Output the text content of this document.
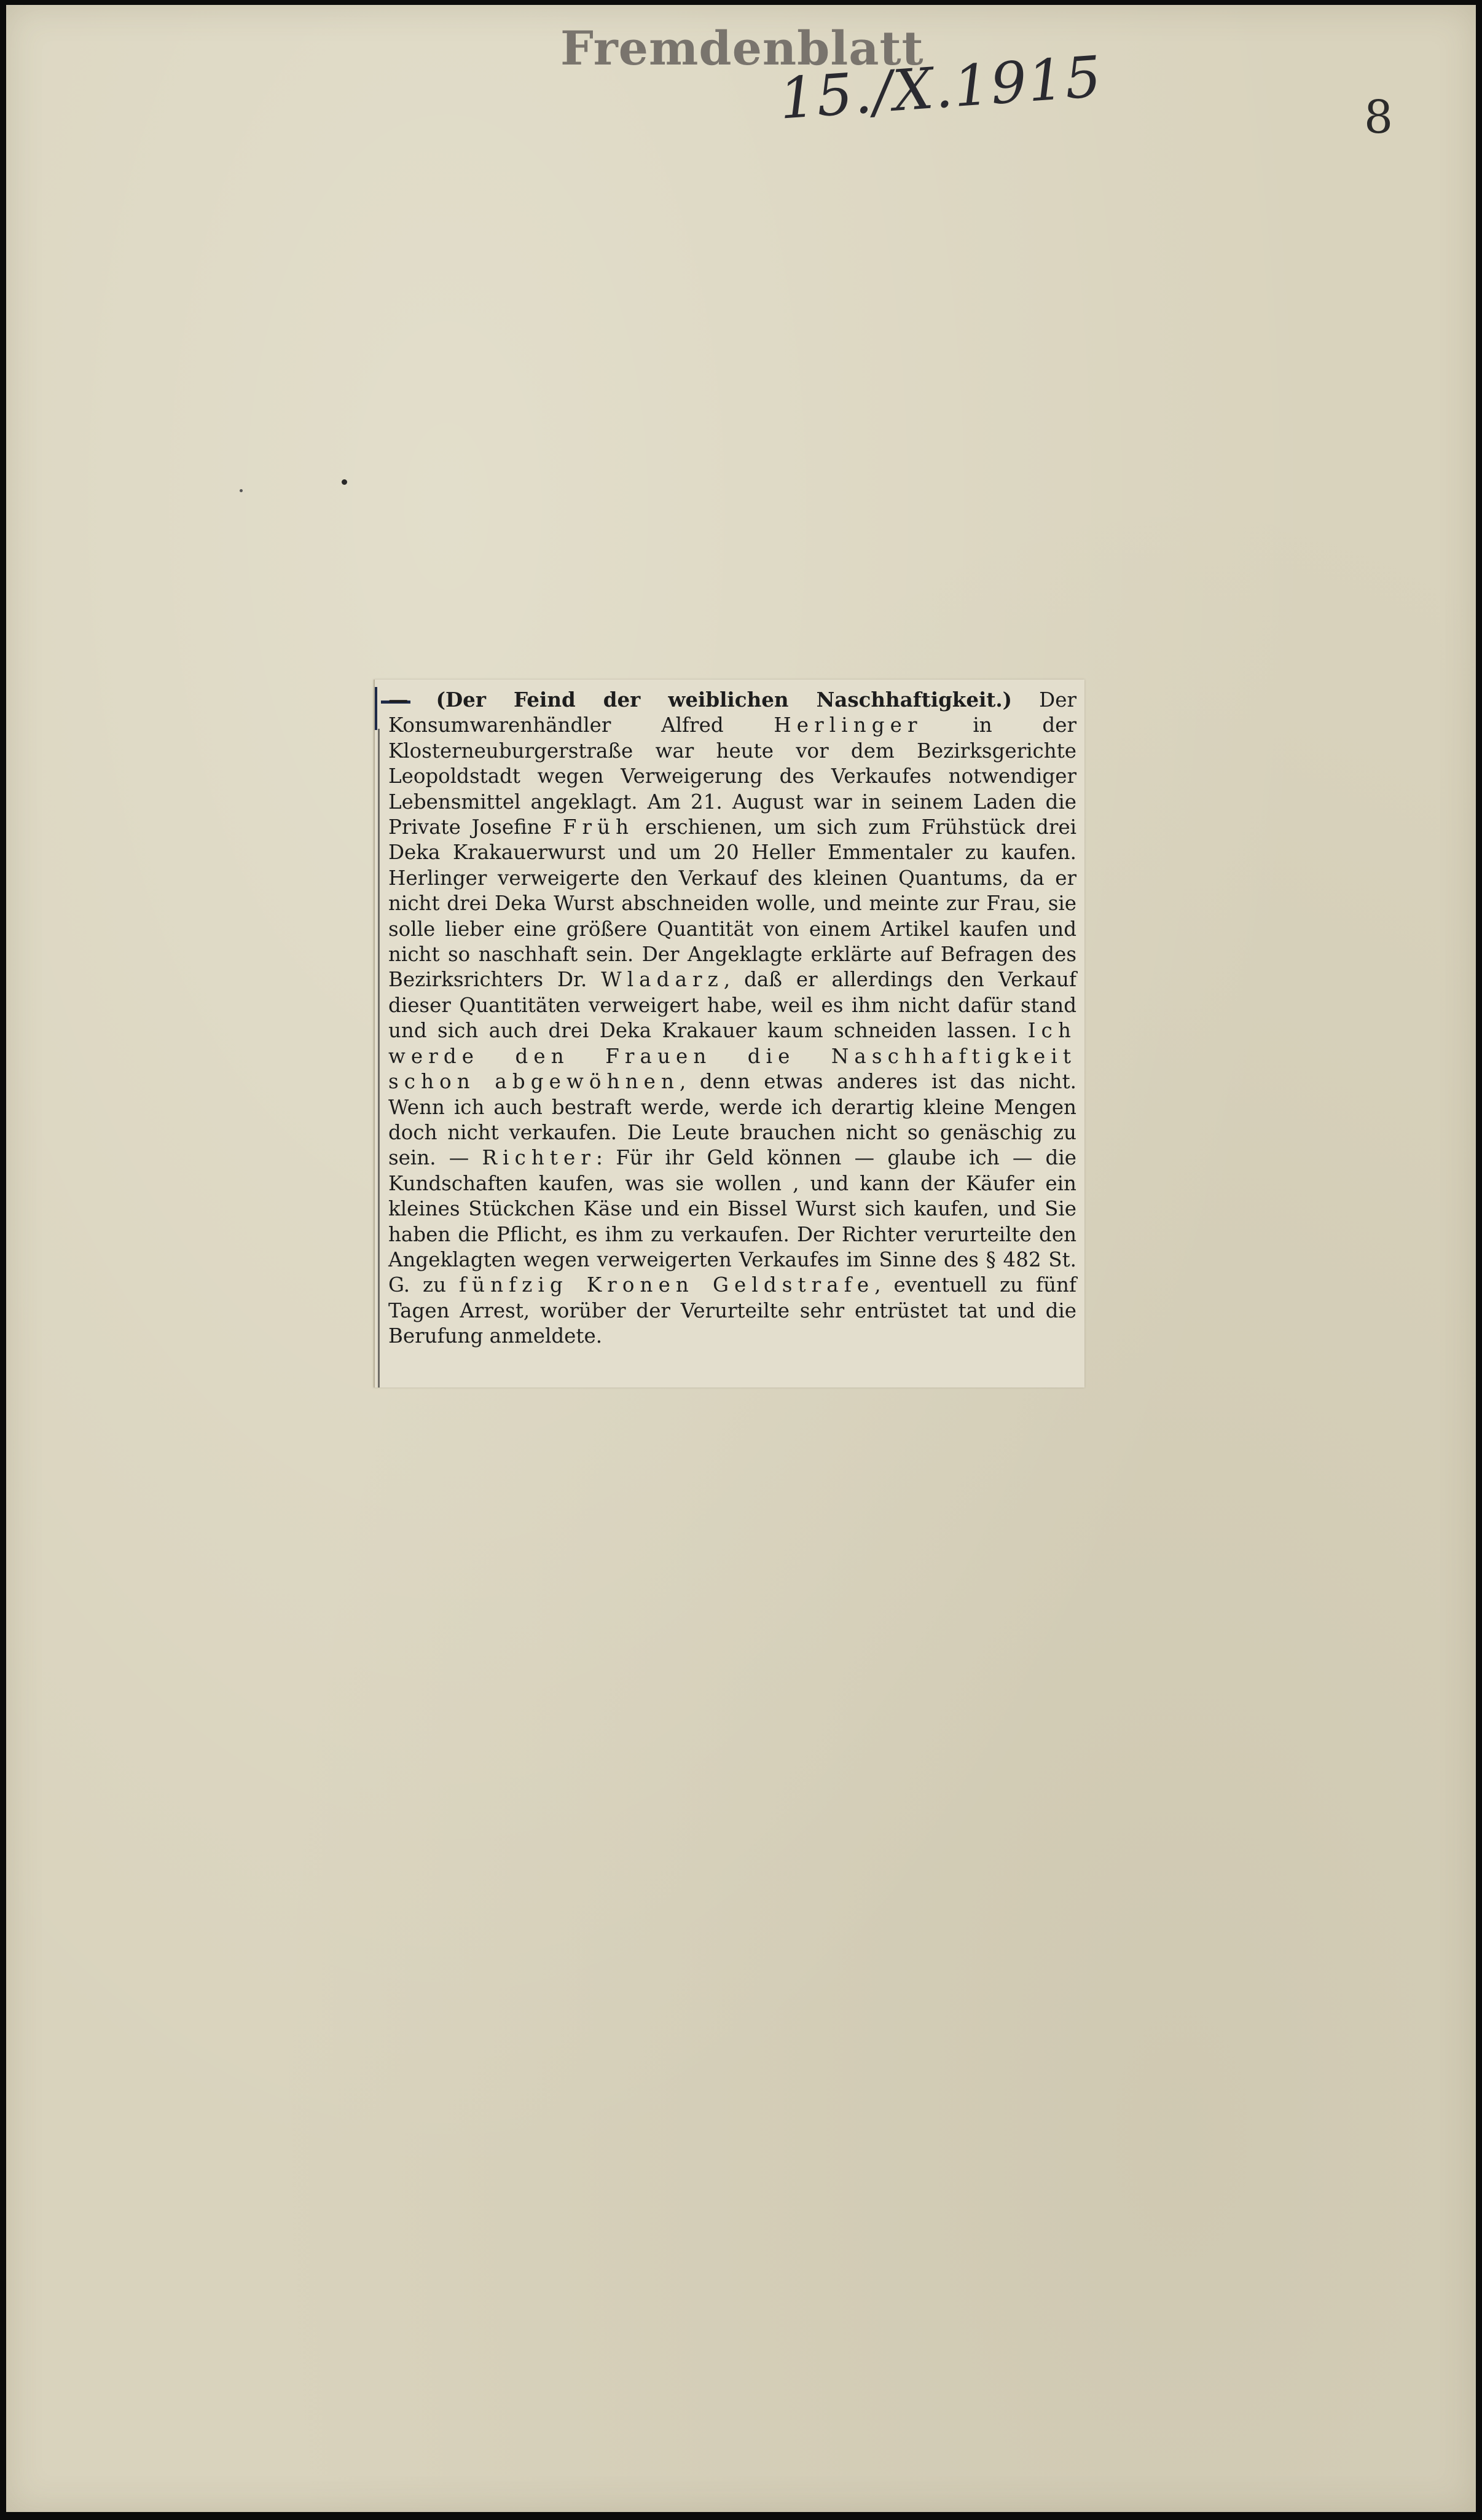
Fremdenblatt
15./X.1915	8

— (Der Feind der weiblichen Naschhaftigkeit.) Der Konsumwarenhändler Alfred Herlinger in der Klosterneuburgerstraße war heute vor dem Bezirksgerichte Leopoldstadt wegen Verweigerung des Verkaufes notwendiger Lebensmittel angeklagt. Am 21. August war in seinem Laden die Private Josefine Früh erschienen, um sich zum Frühstück drei Deka Krakauerwurst und um 20 Heller Emmentaler zu kaufen. Herlinger verweigerte den Verkauf des kleinen Quantums, da er nicht drei Deka Wurst abschneiden wolle, und meinte zur Frau, sie solle lieber eine größere Quantität von einem Artikel kaufen und nicht so naschhaft sein. Der Angeklagte erklärte auf Befragen des Bezirksrichters Dr. Wladarz, daß er allerdings den Verkauf dieser Quantitäten verweigert habe, weil es ihm nicht dafür stand und sich auch drei Deka Krakauer kaum schneiden lassen. Ich werde den Frauen die Naschhaftigkeit schon abgewöhnen, denn etwas anderes ist das nicht. Wenn ich auch bestraft werde, werde ich derartig kleine Mengen doch nicht verkaufen. Die Leute brauchen nicht so genäschig zu sein. — Richter: Für ihr Geld können — glaube ich — die Kundschaften kaufen, was sie wollen , und kann der Käufer ein kleines Stückchen Käse und ein Bissel Wurst sich kaufen, und Sie haben die Pflicht, es ihm zu verkaufen. Der Richter verurteilte den Angeklagten wegen verweigerten Verkaufes im Sinne des § 482 St. G. zu fünfzig Kronen Geldstrafe, eventuell zu fünf Tagen Arrest, worüber der Verurteilte sehr entrüstet tat und die Berufung anmeldete.
